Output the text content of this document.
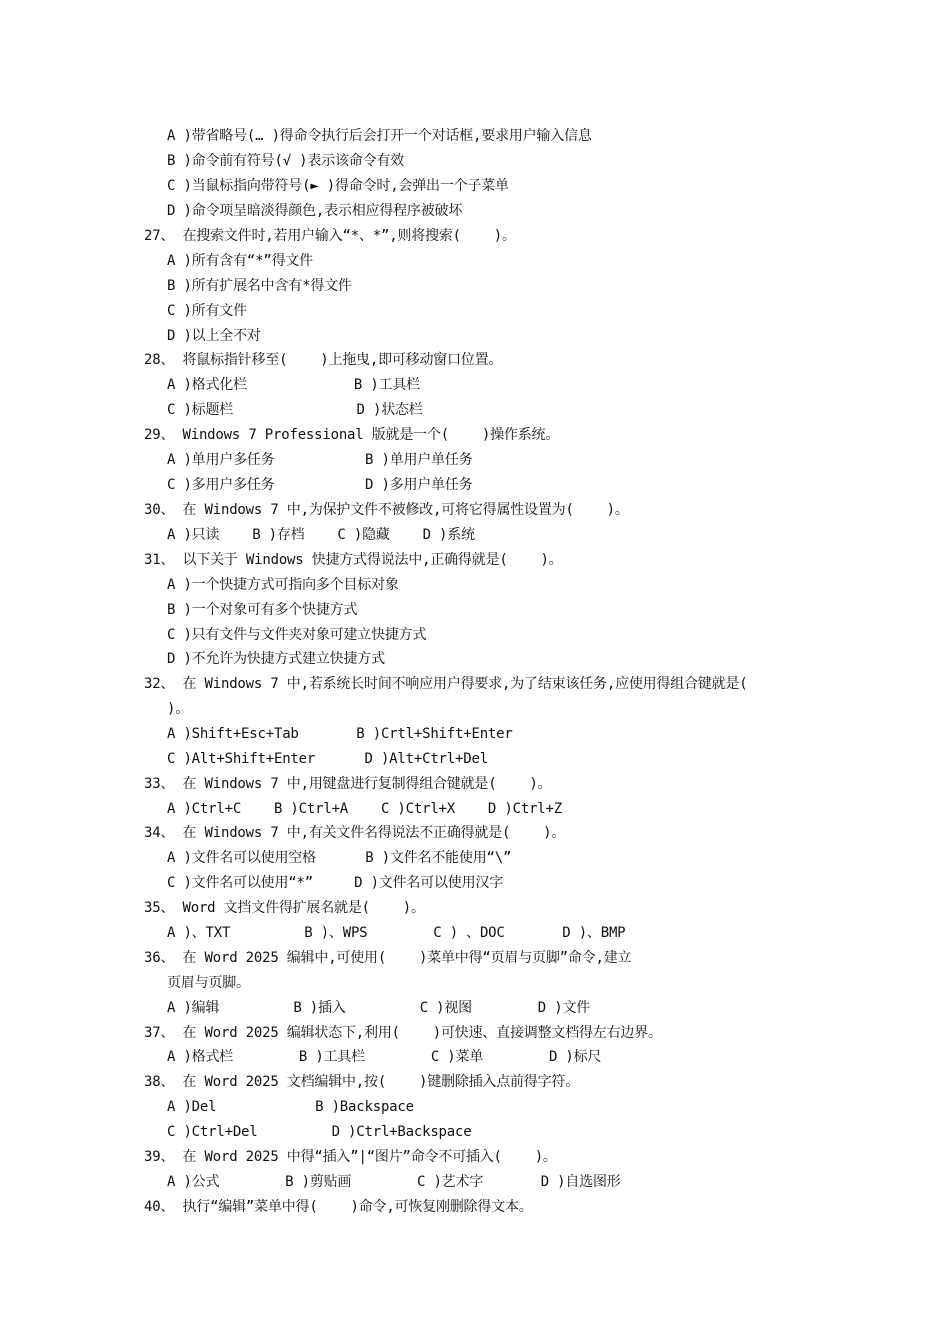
A )带省略号(… )得命令执行后会打开一个对话框,要求用户输入信息
B )命令前有符号(√ )表示该命令有效
C )当鼠标指向带符号(► )得命令时,会弹出一个子菜单
D )命令项呈暗淡得颜色,表示相应得程序被破坏
27、 在搜索文件时,若用户输入“*、*”,则将搜索(    )。
A )所有含有“*”得文件
B )所有扩展名中含有*得文件
C )所有文件
D )以上全不对
28、 将鼠标指针移至(    )上拖曳,即可移动窗口位置。
A )格式化栏             B )工具栏
C )标题栏               D )状态栏
29、 Windows 7 Professional 版就是一个(    )操作系统。
A )单用户多任务           B )单用户单任务
C )多用户多任务           D )多用户单任务
30、 在 Windows 7 中,为保护文件不被修改,可将它得属性设置为(    )。
A )只读    B )存档    C )隐藏    D )系统
31、 以下关于 Windows 快捷方式得说法中,正确得就是(    )。
A )一个快捷方式可指向多个目标对象
B )一个对象可有多个快捷方式
C )只有文件与文件夹对象可建立快捷方式
D )不允许为快捷方式建立快捷方式
32、 在 Windows 7 中,若系统长时间不响应用户得要求,为了结束该任务,应使用得组合键就是(
)。
A )Shift+Esc+Tab       B )Crtl+Shift+Enter
C )Alt+Shift+Enter      D )Alt+Ctrl+Del
33、 在 Windows 7 中,用键盘进行复制得组合键就是(    )。
A )Ctrl+C    B )Ctrl+A    C )Ctrl+X    D )Ctrl+Z
34、 在 Windows 7 中,有关文件名得说法不正确得就是(    )。
A )文件名可以使用空格      B )文件名不能使用“\”
C )文件名可以使用“*”     D )文件名可以使用汉字
35、 Word 文挡文件得扩展名就是(    )。
A )、TXT         B )、WPS        C ) 、DOC       D )、BMP
36、 在 Word 2025 编辑中,可使用(    )菜单中得“页眉与页脚”命令,建立
页眉与页脚。
A )编辑         B )插入         C )视图        D )文件
37、 在 Word 2025 编辑状态下,利用(    )可快速、直接调整文档得左右边界。
A )格式栏        B )工具栏        C )菜单        D )标尺
38、 在 Word 2025 文档编辑中,按(    )键删除插入点前得字符。
A )Del            B )Backspace
C )Ctrl+Del         D )Ctrl+Backspace
39、 在 Word 2025 中得“插入”|“图片”命令不可插入(    )。
A )公式        B )剪贴画        C )艺术字       D )自选图形
40、 执行“编辑”菜单中得(    )命令,可恢复刚删除得文本。
